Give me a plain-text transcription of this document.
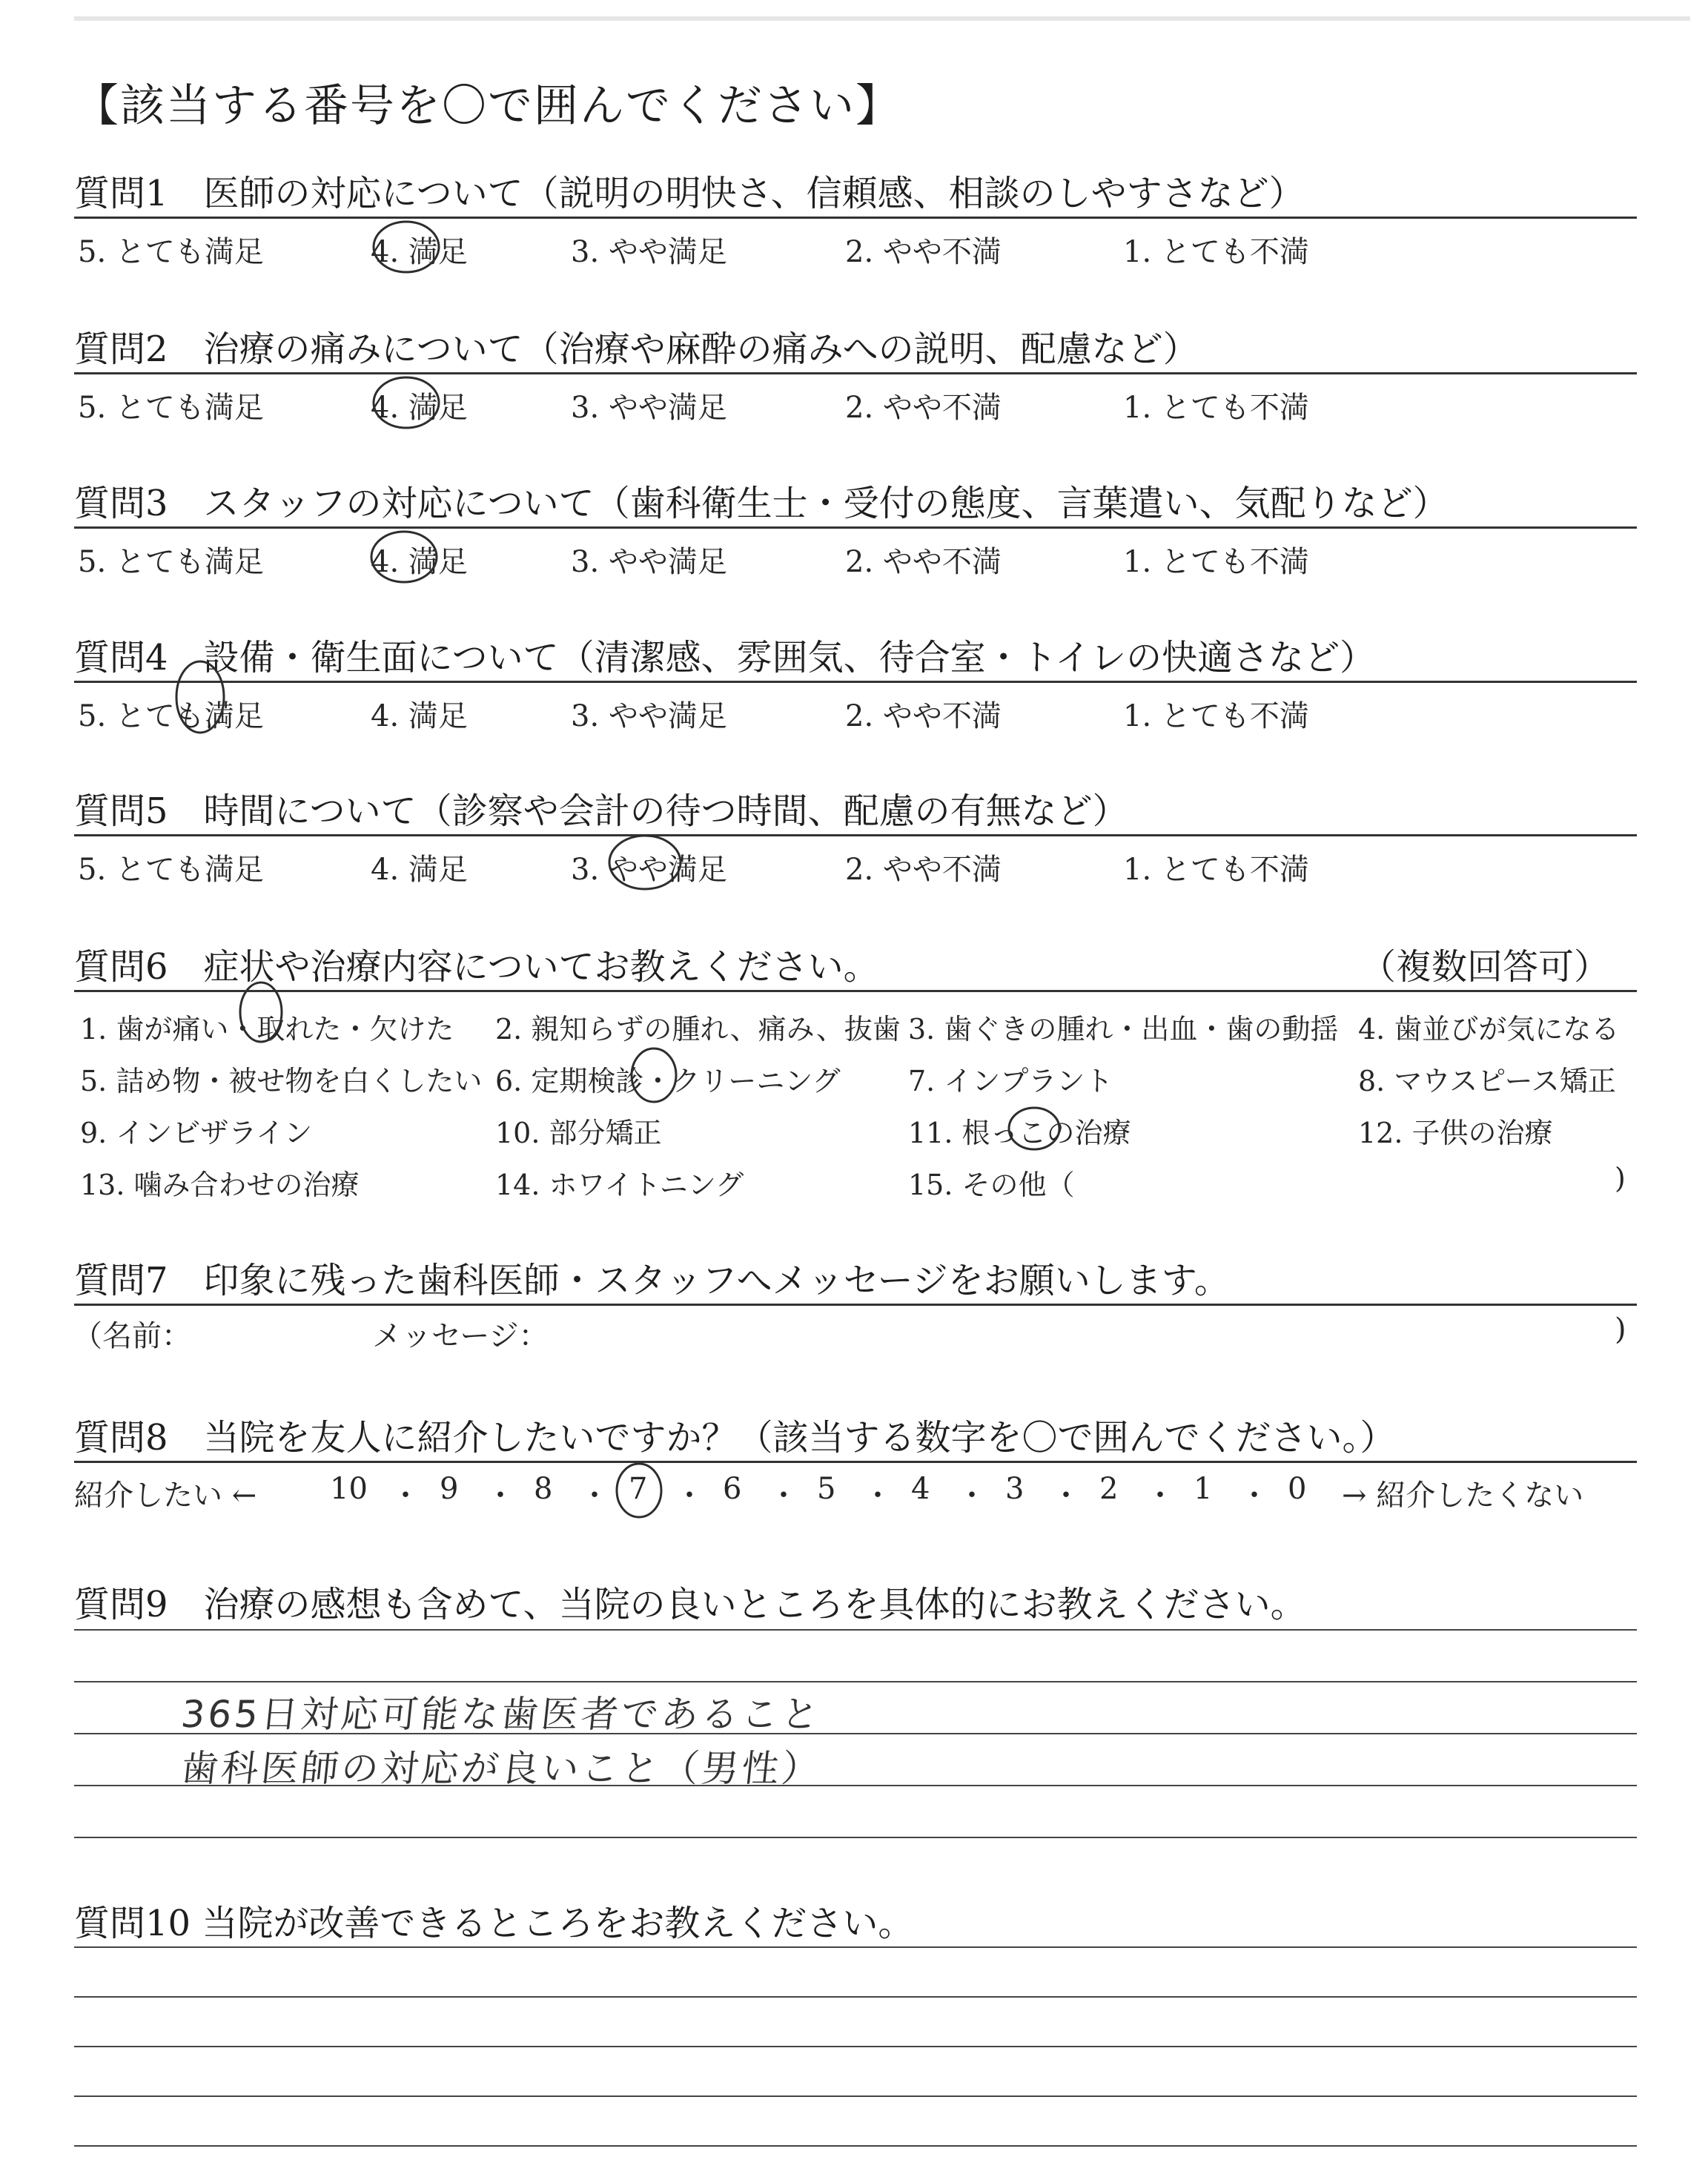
【該当する番号を〇で囲んでください】
質問1　医師の対応について（説明の明快さ、信頼感、相談のしやすさなど）
5. とても満足	4. 満足	3. やや満足	2. やや不満	1. とても不満
質問2　治療の痛みについて（治療や麻酔の痛みへの説明、配慮など）
5. とても満足	4. 満足	3. やや満足	2. やや不満	1. とても不満
質問3　スタッフの対応について（歯科衛生士・受付の態度、言葉遣い、気配りなど）
5. とても満足	4. 満足	3. やや満足	2. やや不満	1. とても不満
質問4　設備・衛生面について（清潔感、雰囲気、待合室・トイレの快適さなど）
5. とても満足	4. 満足	3. やや満足	2. やや不満	1. とても不満
質問5　時間について（診察や会計の待つ時間、配慮の有無など）
5. とても満足	4. 満足	3. やや満足	2. やや不満	1. とても不満
質問6　症状や治療内容についてお教えください。	（複数回答可）
1. 歯が痛い・取れた・欠けた 2. 親知らずの腫れ、痛み、抜歯 3. 歯ぐきの腫れ・出血・歯の動揺 4. 歯並びが気になる
5. 詰め物・被せ物を白くしたい 6. 定期検診・クリーニング 7. インプラント	8. マウスピース矯正
9. インビザライン	10. 部分矯正	11. 根っこの治療	12. 子供の治療
13. 噛み合わせの治療	14. ホワイトニング	15. その他（	)
質問7　印象に残った歯科医師・スタッフへメッセージをお願いします。
（名前：	メッセージ：	)
質問8　当院を友人に紹介したいですか？（該当する数字を〇で囲んでください。）
紹介したい ← 10 ・ 9 ・ 8 ・ 7 ・ 6 ・ 5 ・ 4 ・ 3 ・ 2 ・ 1 ・ 0 → 紹介したくない
質問9　治療の感想も含めて、当院の良いところを具体的にお教えください。
365日対応可能な歯医者であること
歯科医師の対応が良いこと（男性）
質問10 当院が改善できるところをお教えください。
